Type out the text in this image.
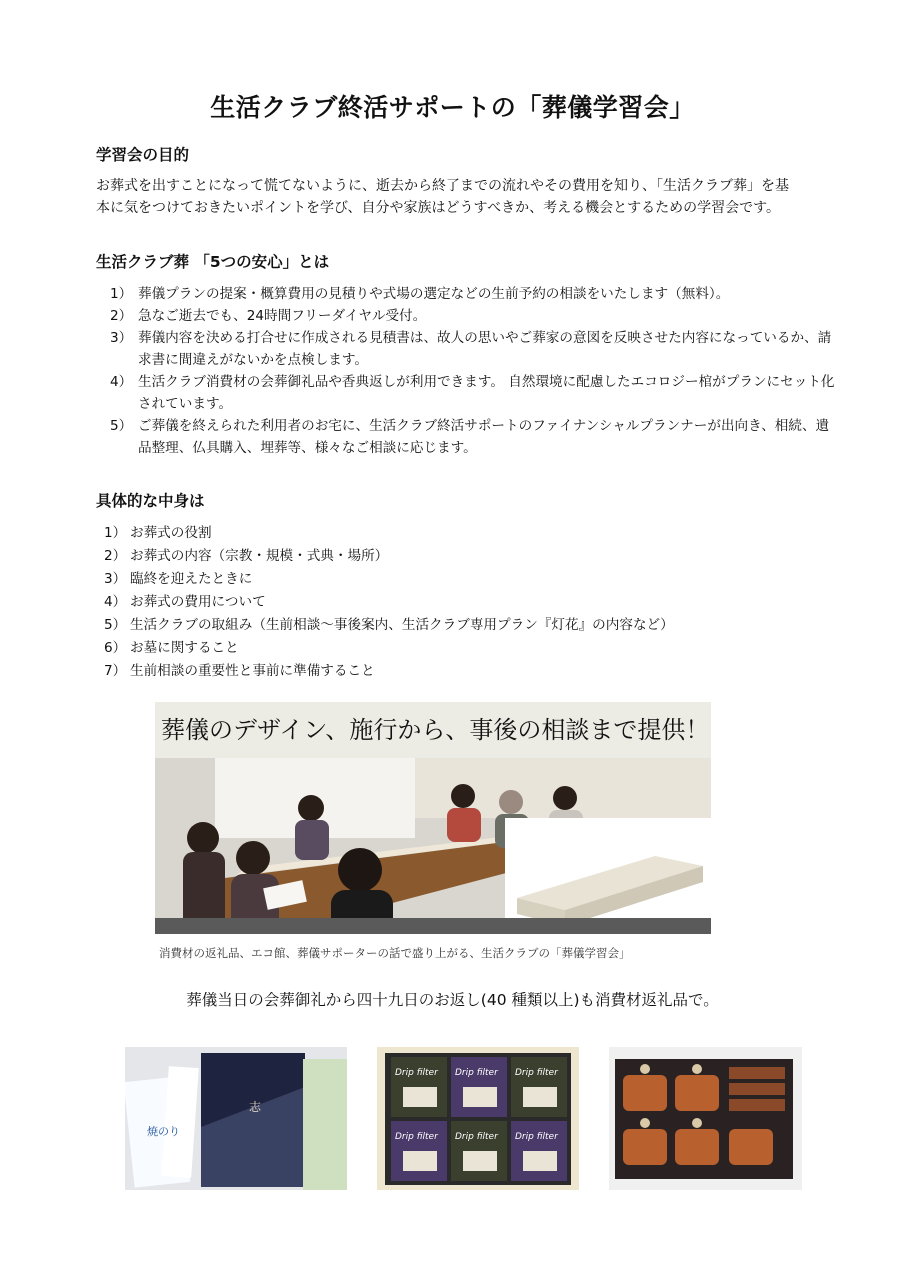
生活クラブ終活サポートの「葬儀学習会」
学習会の目的
お葬式を出すことになって慌てないように、逝去から終了までの流れやその費用を知り、「生活クラブ葬」を基
本に気をつけておきたいポイントを学び、自分や家族はどうすべきか、考える機会とするための学習会です。
生活クラブ葬 「5つの安心」とは
1） 葬儀プランの提案・概算費用の見積りや式場の選定などの生前予約の相談をいたします（無料）。
2） 急なご逝去でも、24時間フリーダイヤル受付。
3） 葬儀内容を決める打合せに作成される見積書は、故人の思いやご葬家の意図を反映させた内容になっているか、請求書に間違えがないかを点検します。
4） 生活クラブ消費材の会葬御礼品や香典返しが利用できます。 自然環境に配慮したエコロジー棺がプランにセット化されています。
5） ご葬儀を終えられた利用者のお宅に、生活クラブ終活サポートのファイナンシャルプランナーが出向き、相続、遺品整理、仏具購入、埋葬等、様々なご相談に応じます。
具体的な中身は
1） お葬式の役割
2） お葬式の内容（宗教・規模・式典・場所）
3） 臨終を迎えたときに
4） お葬式の費用について
5） 生活クラブの取組み（生前相談～事後案内、生活クラブ専用プラン『灯花』の内容など）
6） お墓に関すること
7） 生前相談の重要性と事前に準備すること
葬儀のデザイン、施行から、事後の相談まで提供！
消費材の返礼品、エコ館、葬儀サポーターの話で盛り上がる、生活クラブの「葬儀学習会」
葬儀当日の会葬御礼から四十九日のお返し(40 種類以上)も消費材返礼品で。
焼のり
志
Drip filter Drip filter Drip filter
Drip filter Drip filter Drip filter
